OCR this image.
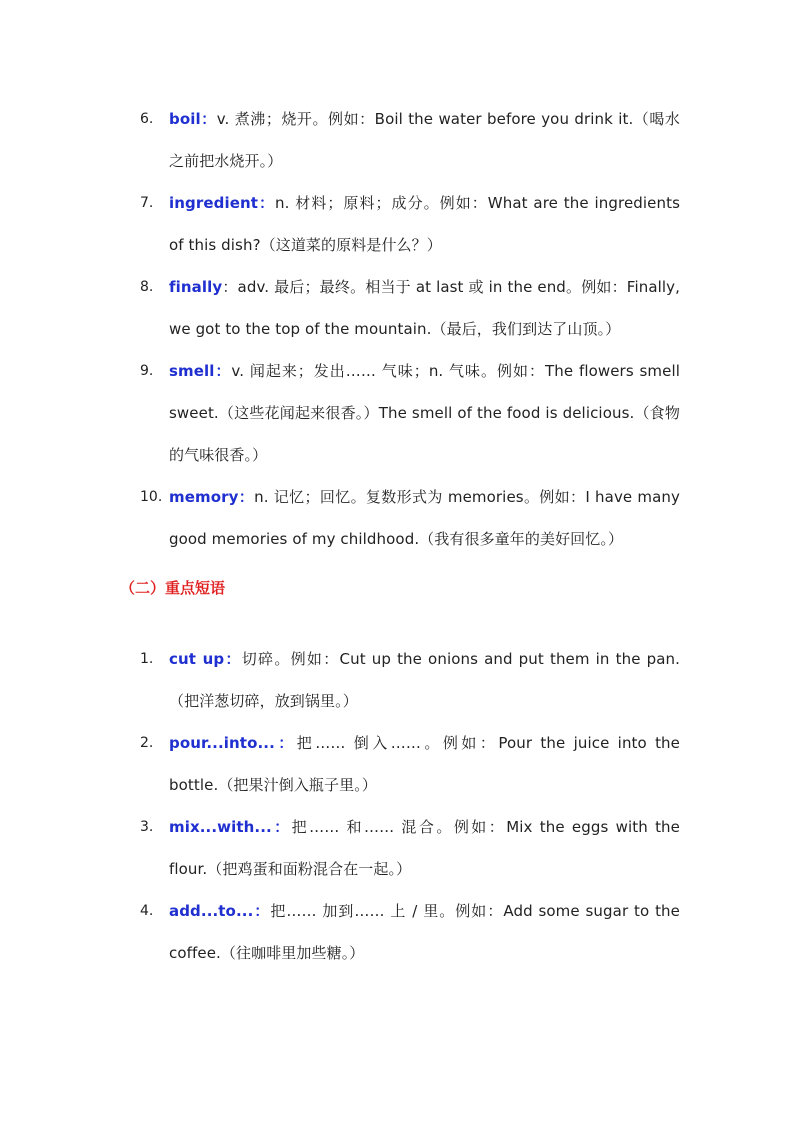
6.	boil：v. 煮沸；烧开。例如：Boil the water before you drink it.（喝水之前把水烧开。）
7.	ingredient：n. 材料；原料；成分。例如：What are the ingredients of this dish?（这道菜的原料是什么？）
8.	finally：adv. 最后；最终。相当于 at last 或 in the end。例如：Finally, we got to the top of the mountain.（最后，我们到达了山顶。）
9.	smell：v. 闻起来；发出…… 气味；n. 气味。例如：The flowers smell sweet.（这些花闻起来很香。）The smell of the food is delicious.（食物的气味很香。）
10. memory：n. 记忆；回忆。复数形式为 memories。例如：I have many good memories of my childhood.（我有很多童年的美好回忆。）
（二）重点短语
1.	cut up：切碎。例如：Cut up the onions and put them in the pan.（把洋葱切碎，放到锅里。）
2.	pour...into...：把…… 倒入……。例如：Pour the juice into the bottle.（把果汁倒入瓶子里。）
3.	mix...with...：把…… 和…… 混合。例如：Mix the eggs with the flour.（把鸡蛋和面粉混合在一起。）
4.	add...to...：把…… 加到…… 上 / 里。例如：Add some sugar to the coffee.（往咖啡里加些糖。）
